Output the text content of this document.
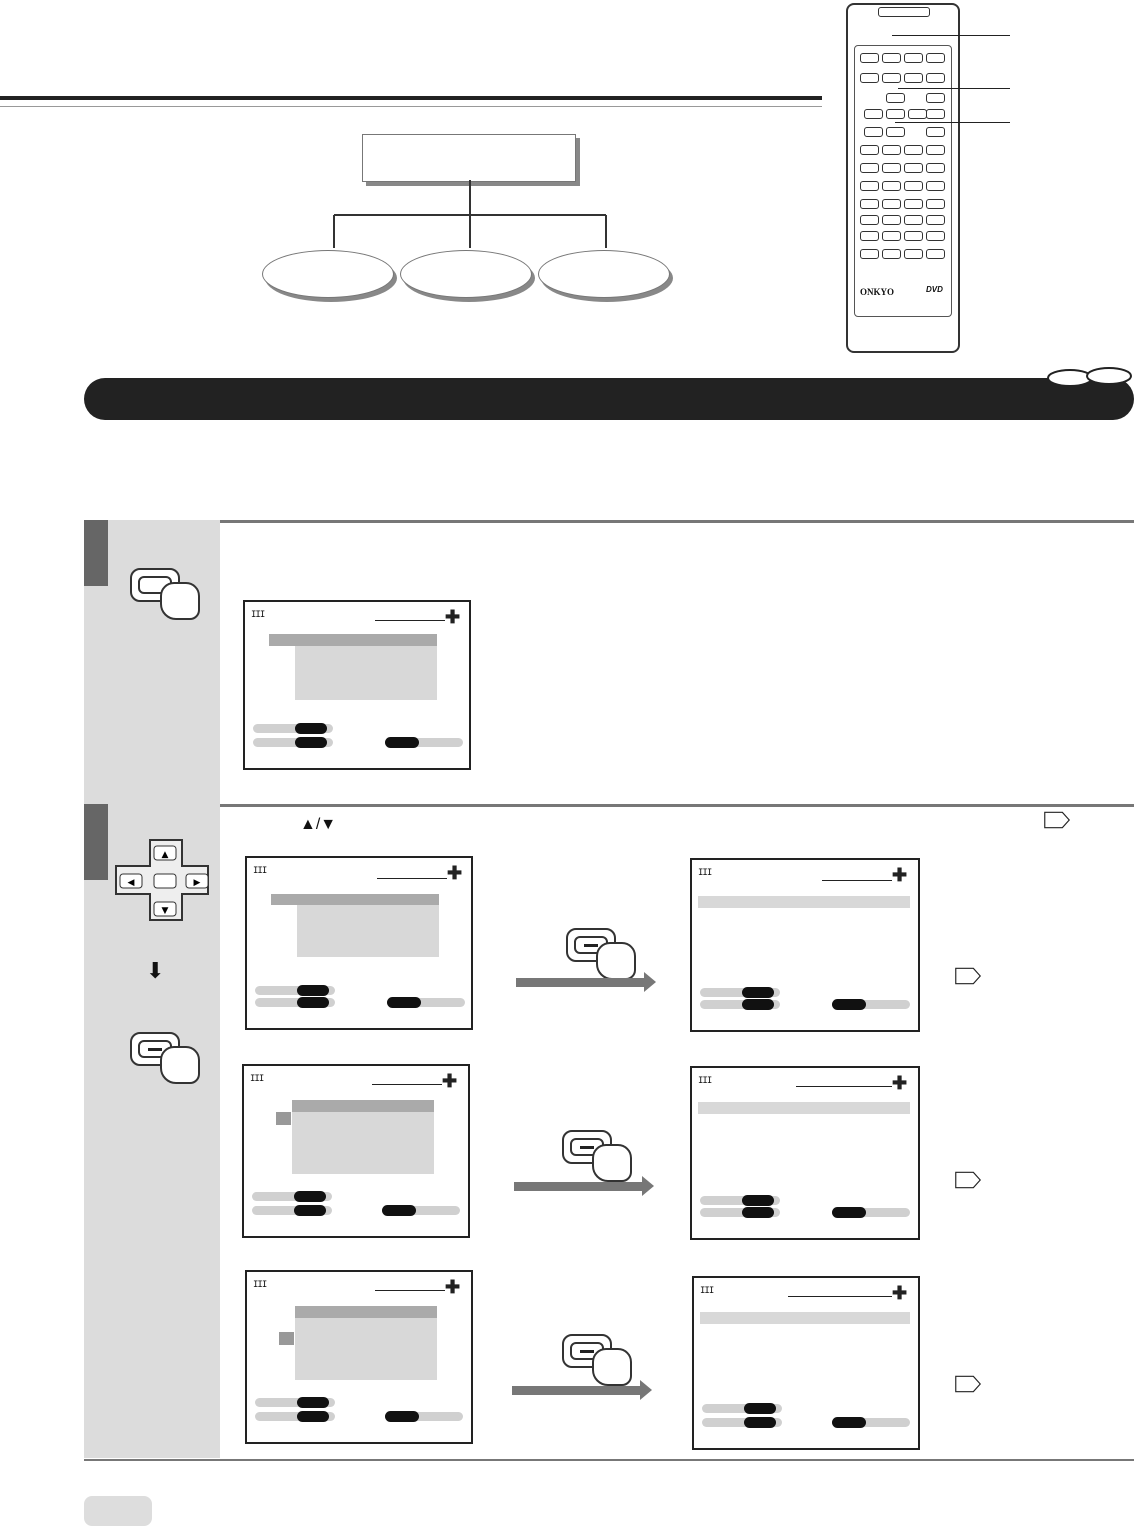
ONKYO	DVD
III	✚
▲/▼
▲
▼
◀	▶
⬇
III	✚	III	✚
III	✚	III	✚
III	✚	III	✚
